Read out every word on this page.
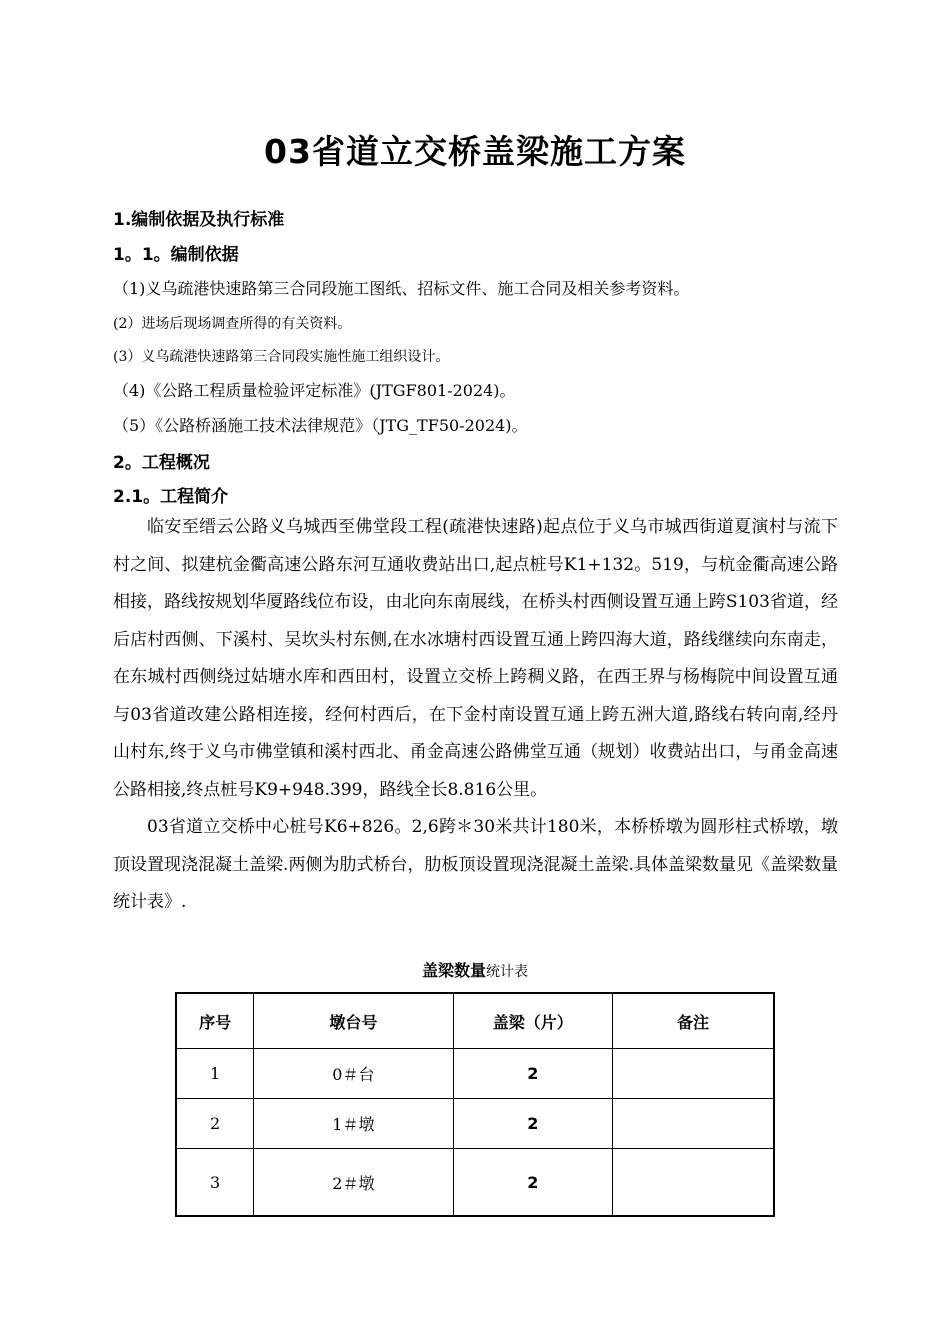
03省道立交桥盖梁施工方案
1.编制依据及执行标准
1。1。编制依据
（1)义乌疏港快速路第三合同段施工图纸、招标文件、施工合同及相关参考资料。
(2）进场后现场调查所得的有关资料。
(3）义乌疏港快速路第三合同段实施性施工组织设计。
（4)《公路工程质量检验评定标准》(JTGF801-2024)。
（5）《公路桥涵施工技术法律规范》（JTG_TF50-2024)。
2。工程概况
2.1。工程简介

临安至缙云公路义乌城西至佛堂段工程(疏港快速路)起点位于义乌市城西街道夏演村与流下村之间、拟建杭金衢高速公路东河互通收费站出口,起点桩号K1+132。519，与杭金衢高速公路相接，路线按规划华厦路线位布设，由北向东南展线，在桥头村西侧设置互通上跨S103省道，经后店村西侧、下溪村、吴坎头村东侧,在水冰塘村西设置互通上跨四海大道，路线继续向东南走，在东城村西侧绕过姑塘水库和西田村，设置立交桥上跨稠义路，在西王界与杨梅院中间设置互通与03省道改建公路相连接，经何村西后，在下金村南设置互通上跨五洲大道,路线右转向南,经丹山村东,终于义乌市佛堂镇和溪村西北、甬金高速公路佛堂互通（规划）收费站出口，与甬金高速公路相接,终点桩号K9+948.399，路线全长8.816公里。

03省道立交桥中心桩号K6+826。2,6跨＊30米共计180米，本桥桥墩为圆形柱式桥墩，墩顶设置现浇混凝土盖梁.两侧为肋式桥台，肋板顶设置现浇混凝土盖梁.具体盖梁数量见《盖梁数量统计表》.

盖梁数量统计表
序号	墩台号	盖梁（片）	备注
1	0＃台	2	
2	1＃墩	2	
3	2＃墩	2	
